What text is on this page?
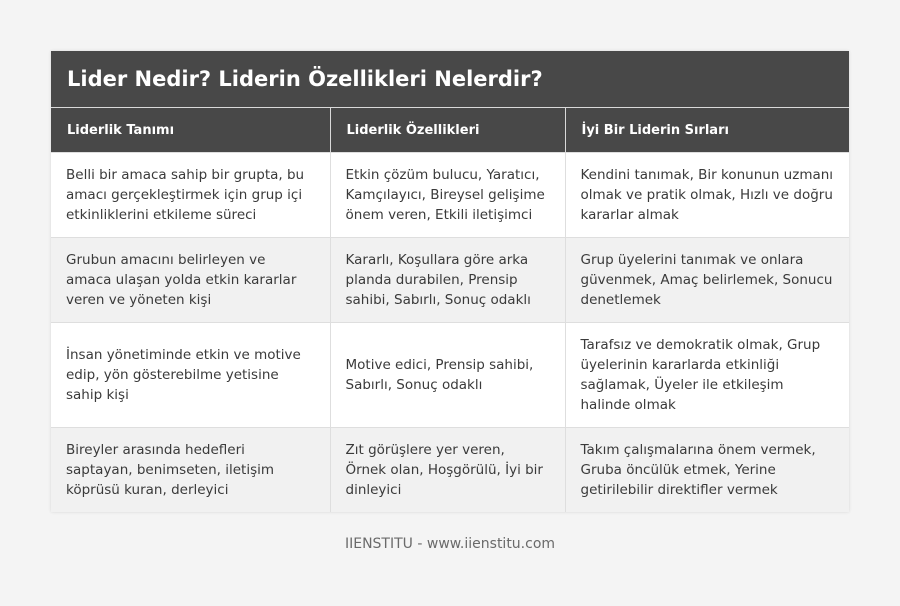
Lider Nedir? Liderin Özellikleri Nelerdir?
Liderlik Tanımı	Liderlik Özellikleri	İyi Bir Liderin Sırları
Belli bir amaca sahip bir grupta, bu amacı gerçekleştirmek için grup içi etkinliklerini etkileme süreci	Etkin çözüm bulucu, Yaratıcı, Kamçılayıcı, Bireysel gelişime önem veren, Etkili iletişimci	Kendini tanımak, Bir konunun uzmanı olmak ve pratik olmak, Hızlı ve doğru kararlar almak
Grubun amacını belirleyen ve amaca ulaşan yolda etkin kararlar veren ve yöneten kişi	Kararlı, Koşullara göre arka planda durabilen, Prensip sahibi, Sabırlı, Sonuç odaklı	Grup üyelerini tanımak ve onlara güvenmek, Amaç belirlemek, Sonucu denetlemek
İnsan yönetiminde etkin ve motive edip, yön gösterebilme yetisine sahip kişi	Motive edici, Prensip sahibi, Sabırlı, Sonuç odaklı	Tarafsız ve demokratik olmak, Grup üyelerinin kararlarda etkinliği sağlamak, Üyeler ile etkileşim halinde olmak
Bireyler arasında hedefleri saptayan, benimseten, iletişim köprüsü kuran, derleyici	Zıt görüşlere yer veren, Örnek olan, Hoşgörülü, İyi bir dinleyici	Takım çalışmalarına önem vermek, Gruba öncülük etmek, Yerine getirilebilir direktifler vermek
IIENSTITU - www.iienstitu.com
